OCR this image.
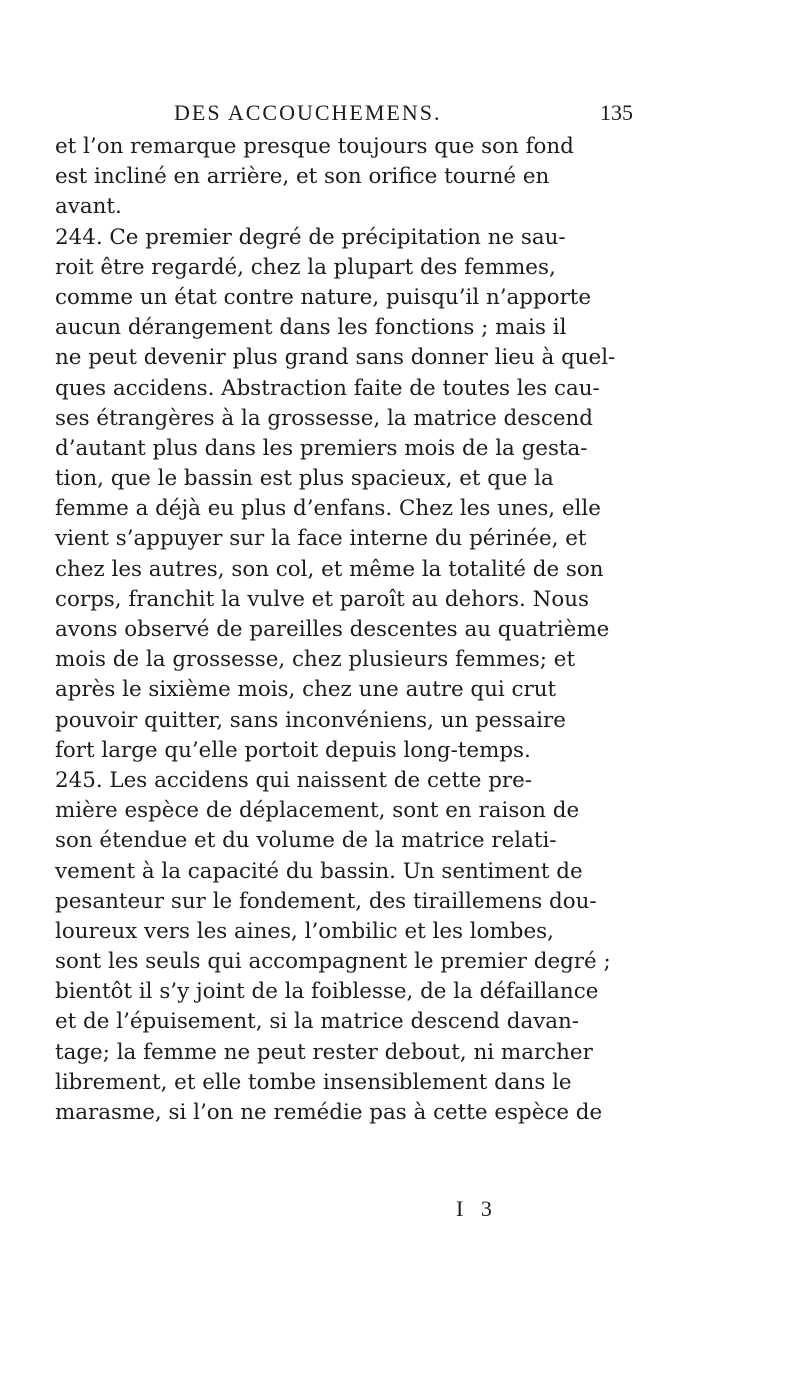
DES ACCOUCHEMENS.	135
et l’on remarque presque toujours que son fond
est incliné en arrière, et son orifice tourné en
avant.
244. Ce premier degré de précipitation ne sau-
roit être regardé, chez la plupart des femmes,
comme un état contre nature, puisqu’il n’apporte
aucun dérangement dans les fonctions ; mais il
ne peut devenir plus grand sans donner lieu à quel-
ques accidens. Abstraction faite de toutes les cau-
ses étrangères à la grossesse, la matrice descend
d’autant plus dans les premiers mois de la gesta-
tion, que le bassin est plus spacieux, et que la
femme a déjà eu plus d’enfans. Chez les unes, elle
vient s’appuyer sur la face interne du périnée, et
chez les autres, son col, et même la totalité de son
corps, franchit la vulve et paroît au dehors. Nous
avons observé de pareilles descentes au quatrième
mois de la grossesse, chez plusieurs femmes; et
après le sixième mois, chez une autre qui crut
pouvoir quitter, sans inconvéniens, un pessaire
fort large qu’elle portoit depuis long-temps.
245. Les accidens qui naissent de cette pre-
mière espèce de déplacement, sont en raison de
son étendue et du volume de la matrice relati-
vement à la capacité du bassin. Un sentiment de
pesanteur sur le fondement, des tiraillemens dou-
loureux vers les aines, l’ombilic et les lombes,
sont les seuls qui accompagnent le premier degré ;
bientôt il s’y joint de la foiblesse, de la défaillance
et de l’épuisement, si la matrice descend davan-
tage; la femme ne peut rester debout, ni marcher
librement, et elle tombe insensiblement dans le
marasme, si l’on ne remédie pas à cette espèce de
I 3
